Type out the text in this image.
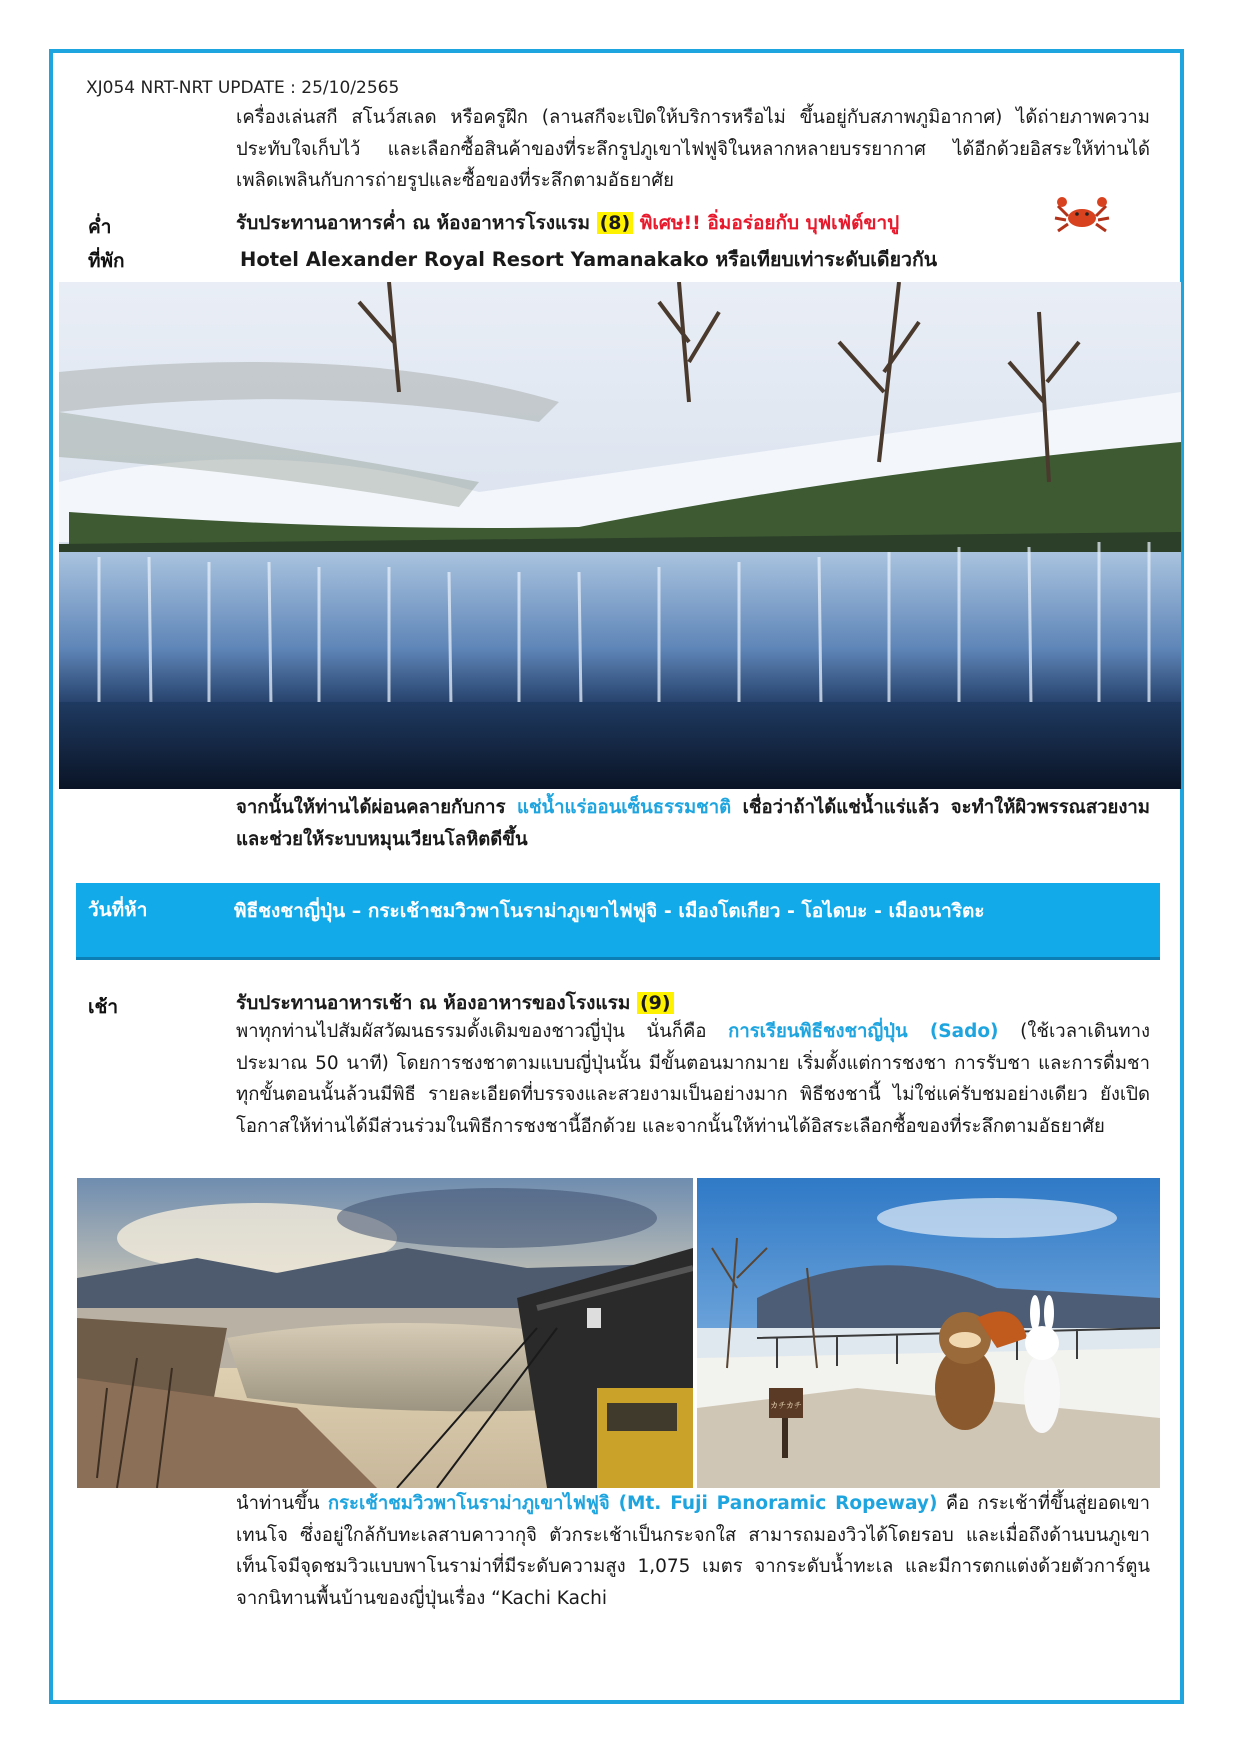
XJ054 NRT-NRT UPDATE : 25/10/2565
เครื่องเล่นสกี สโนว์สเลด หรือครูฝึก (ลานสกีจะเปิดให้บริการหรือไม่ ขึ้นอยู่กับสภาพภูมิอากาศ) ได้ถ่ายภาพความประทับใจเก็บไว้ และเลือกซื้อสินค้าของที่ระลึกรูปภูเขาไฟฟูจิในหลากหลายบรรยากาศ ได้อีกด้วยอิสระให้ท่านได้เพลิดเพลินกับการถ่ายรูปและซื้อของที่ระลึกตามอัธยาศัย
ค่ำ	รับประทานอาหารค่ำ ณ ห้องอาหารโรงแรม (8) พิเศษ!! อิ่มอร่อยกับ บุฟเฟ่ต์ขาปู
ที่พัก	Hotel Alexander Royal Resort Yamanakako หรือเทียบเท่าระดับเดียวกัน
จากนั้นให้ท่านได้ผ่อนคลายกับการ แช่น้ำแร่ออนเซ็นธรรมชาติ เชื่อว่าถ้าได้แช่น้ำแร่แล้ว จะทำให้ผิวพรรณสวยงามและช่วยให้ระบบหมุนเวียนโลหิตดีขึ้น
วันที่ห้า	พิธีชงชาญี่ปุ่น – กระเช้าชมวิวพาโนราม่าภูเขาไฟฟูจิ - เมืองโตเกียว - โอไดบะ - เมืองนาริตะ
เช้า	รับประทานอาหารเช้า ณ ห้องอาหารของโรงแรม (9)
พาทุกท่านไปสัมผัสวัฒนธรรมดั้งเดิมของชาวญี่ปุ่น นั่นก็คือ การเรียนพิธีชงชาญี่ปุ่น (Sado) (ใช้เวลาเดินทางประมาณ 50 นาที) โดยการชงชาตามแบบญี่ปุ่นนั้น มีขั้นตอนมากมาย เริ่มตั้งแต่การชงชา การรับชา และการดื่มชา ทุกขั้นตอนนั้นล้วนมีพิธี รายละเอียดที่บรรจงและสวยงามเป็นอย่างมาก พิธีชงชานี้ ไม่ใช่แค่รับชมอย่างเดียว ยังเปิดโอกาสให้ท่านได้มีส่วนร่วมในพิธีการชงชานี้อีกด้วย และจากนั้นให้ท่านได้อิสระเลือกซื้อของที่ระลึกตามอัธยาศัย
カチカチ
นำท่านขึ้น กระเช้าชมวิวพาโนราม่าภูเขาไฟฟูจิ (Mt. Fuji Panoramic Ropeway) คือ กระเช้าที่ขึ้นสู่ยอดเขาเทนโจ ซึ่งอยู่ใกล้กับทะเลสาบคาวากุจิ ตัวกระเช้าเป็นกระจกใส สามารถมองวิวได้โดยรอบ และเมื่อถึงด้านบนภูเขาเท็นโจมีจุดชมวิวแบบพาโนราม่าที่มีระดับความสูง 1,075 เมตร จากระดับน้ำทะเล และมีการตกแต่งด้วยตัวการ์ตูนจากนิทานพื้นบ้านของญี่ปุ่นเรื่อง “Kachi Kachi
